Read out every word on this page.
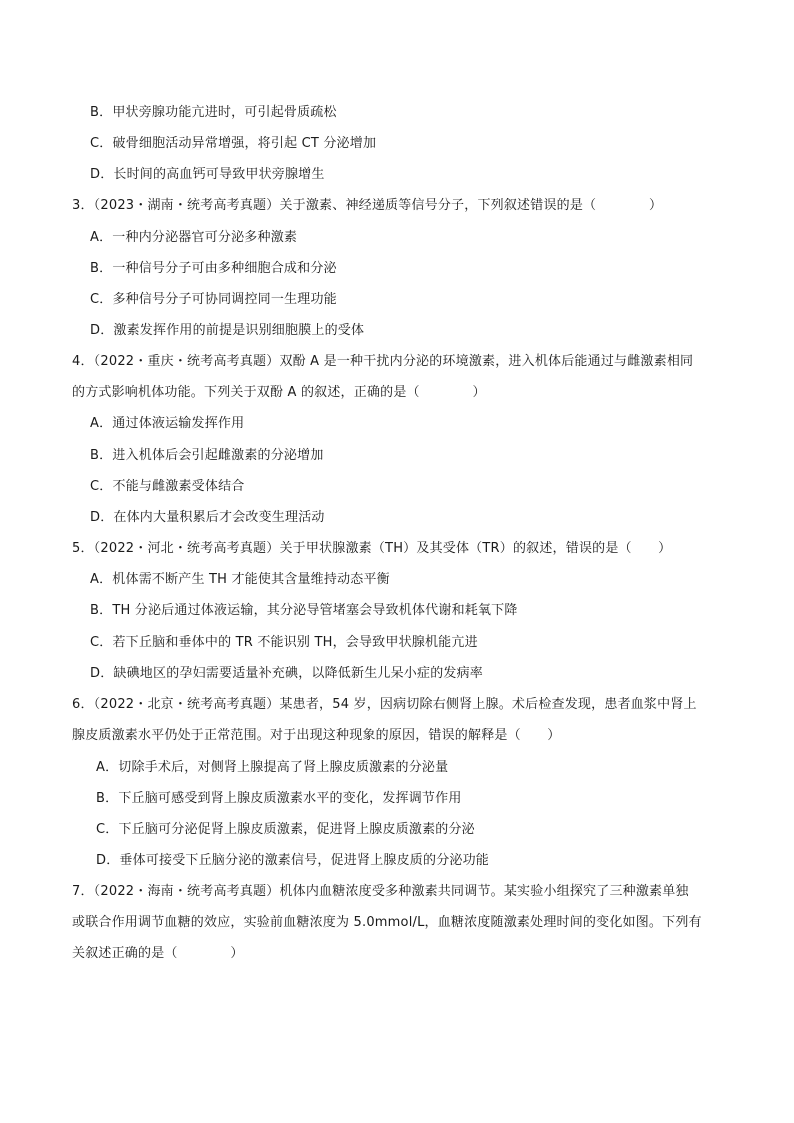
B．甲状旁腺功能亢进时，可引起骨质疏松
C．破骨细胞活动异常增强，将引起 CT 分泌增加
D．长时间的高血钙可导致甲状旁腺增生
3．（2023・湖南・统考高考真题）关于激素、神经递质等信号分子，下列叙述错误的是（　　　　）
A．一种内分泌器官可分泌多种激素
B．一种信号分子可由多种细胞合成和分泌
C．多种信号分子可协同调控同一生理功能
D．激素发挥作用的前提是识别细胞膜上的受体
4．（2022・重庆・统考高考真题）双酚 A 是一种干扰内分泌的环境激素，进入机体后能通过与雌激素相同
的方式影响机体功能。下列关于双酚 A 的叙述，正确的是（　　　　）
A．通过体液运输发挥作用
B．进入机体后会引起雌激素的分泌增加
C．不能与雌激素受体结合
D．在体内大量积累后才会改变生理活动
5．（2022・河北・统考高考真题）关于甲状腺激素（TH）及其受体（TR）的叙述，错误的是（　　）
A．机体需不断产生 TH 才能使其含量维持动态平衡
B．TH 分泌后通过体液运输，其分泌导管堵塞会导致机体代谢和耗氧下降
C．若下丘脑和垂体中的 TR 不能识别 TH，会导致甲状腺机能亢进
D．缺碘地区的孕妇需要适量补充碘，以降低新生儿呆小症的发病率
6．（2022・北京・统考高考真题）某患者，54 岁，因病切除右侧肾上腺。术后检查发现，患者血浆中肾上
腺皮质激素水平仍处于正常范围。对于出现这种现象的原因，错误的解释是（　　）
A．切除手术后，对侧肾上腺提高了肾上腺皮质激素的分泌量
B．下丘脑可感受到肾上腺皮质激素水平的变化，发挥调节作用
C．下丘脑可分泌促肾上腺皮质激素，促进肾上腺皮质激素的分泌
D．垂体可接受下丘脑分泌的激素信号，促进肾上腺皮质的分泌功能
7．（2022・海南・统考高考真题）机体内血糖浓度受多种激素共同调节。某实验小组探究了三种激素单独
或联合作用调节血糖的效应，实验前血糖浓度为 5.0mmol/L，血糖浓度随激素处理时间的变化如图。下列有
关叙述正确的是（　　　　）
